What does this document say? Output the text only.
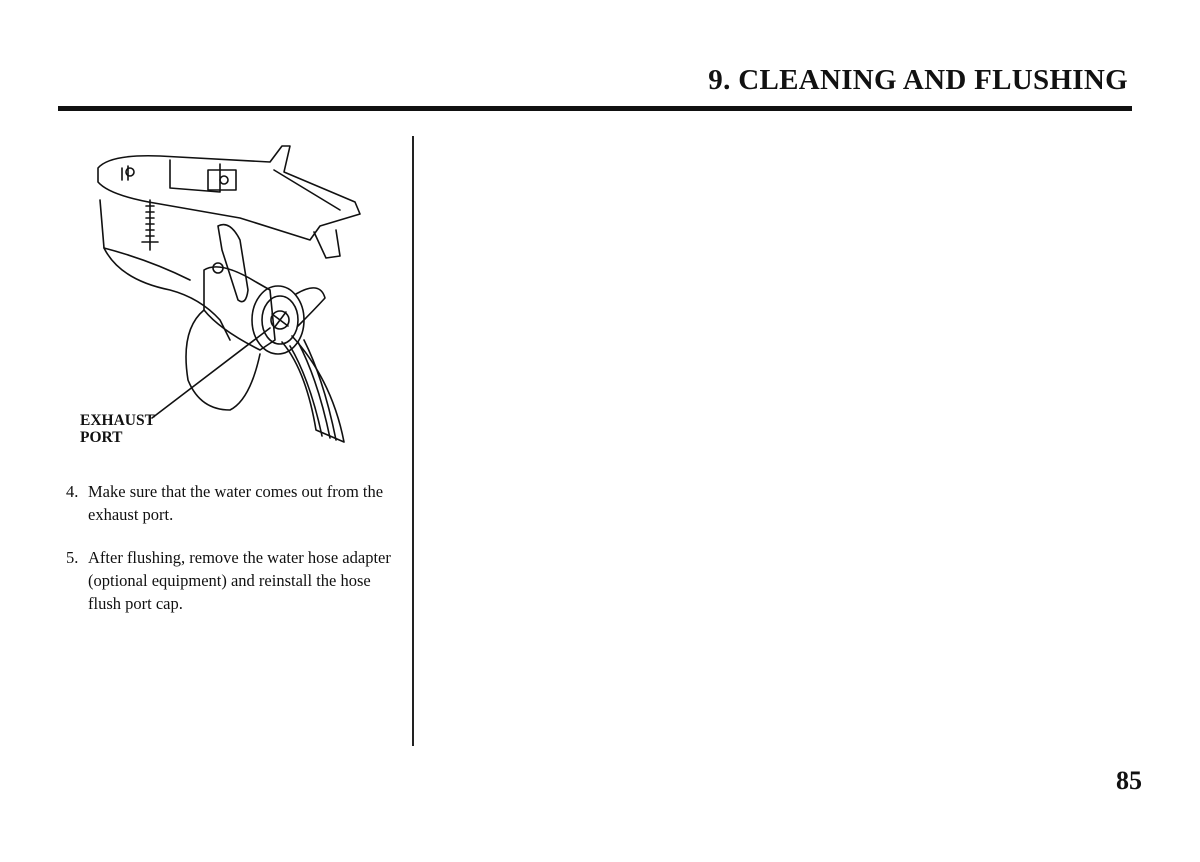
9. CLEANING AND FLUSHING
EXHAUST
PORT
4. Make sure that the water comes out from the exhaust port.
5. After flushing, remove the water hose adapter (optional equipment) and reinstall the hose flush port cap.
85
